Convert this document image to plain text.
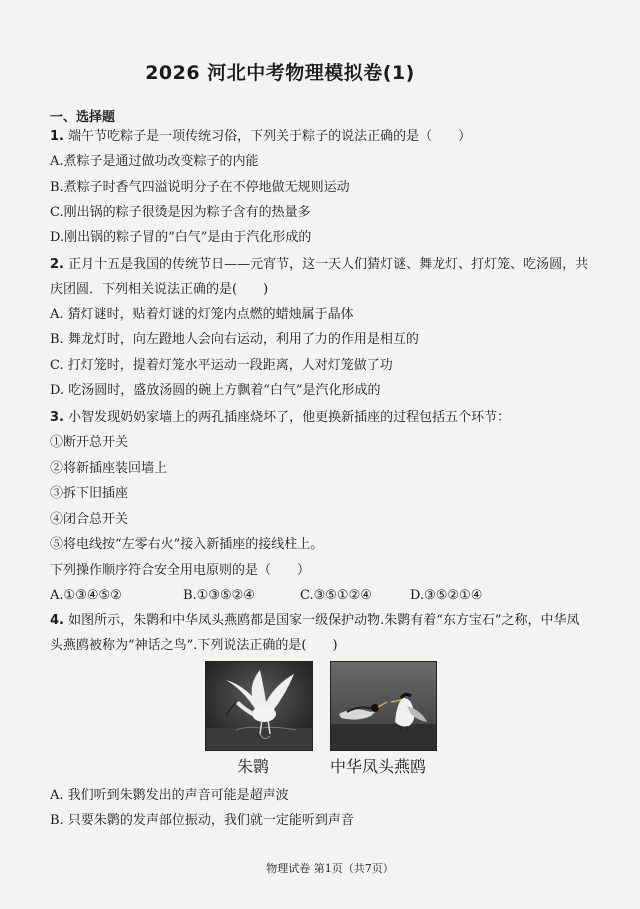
2026 河北中考物理模拟卷(1)
一、选择题
1. 端午节吃粽子是一项传统习俗，下列关于粽子的说法正确的是（　　）
A.煮粽子是通过做功改变粽子的内能
B.煮粽子时香气四溢说明分子在不停地做无规则运动
C.刚出锅的粽子很烫是因为粽子含有的热量多
D.刚出锅的粽子冒的“白气”是由于汽化形成的
2. 正月十五是我国的传统节日——元宵节，这一天人们猜灯谜、舞龙灯、打灯笼、吃汤圆，共
庆团圆．下列相关说法正确的是(　　)
A. 猜灯谜时，贴着灯谜的灯笼内点燃的蜡烛属于晶体
B. 舞龙灯时，向左蹬地人会向右运动，利用了力的作用是相互的
C. 打灯笼时，提着灯笼水平运动一段距离，人对灯笼做了功
D. 吃汤圆时，盛放汤圆的碗上方飘着“白气”是汽化形成的
3. 小智发现奶奶家墙上的两孔插座烧坏了，他更换新插座的过程包括五个环节：
①断开总开关
②将新插座装回墙上
③拆下旧插座
④闭合总开关
⑤将电线按“左零右火”接入新插座的接线柱上。
下列操作顺序符合安全用电原则的是（　　）
A.①③④⑤②	B.①③⑤②④	C.③⑤①②④	D.③⑤②①④
4. 如图所示，朱鹮和中华凤头燕鸥都是国家一级保护动物.朱鹮有着“东方宝石”之称，中华凤
头燕鸥被称为“神话之鸟”.下列说法正确的是(　　)
朱鹮	中华凤头燕鸥
A. 我们听到朱鹮发出的声音可能是超声波
B. 只要朱鹮的发声部位振动，我们就一定能听到声音
物理试卷 第1页（共7页）
